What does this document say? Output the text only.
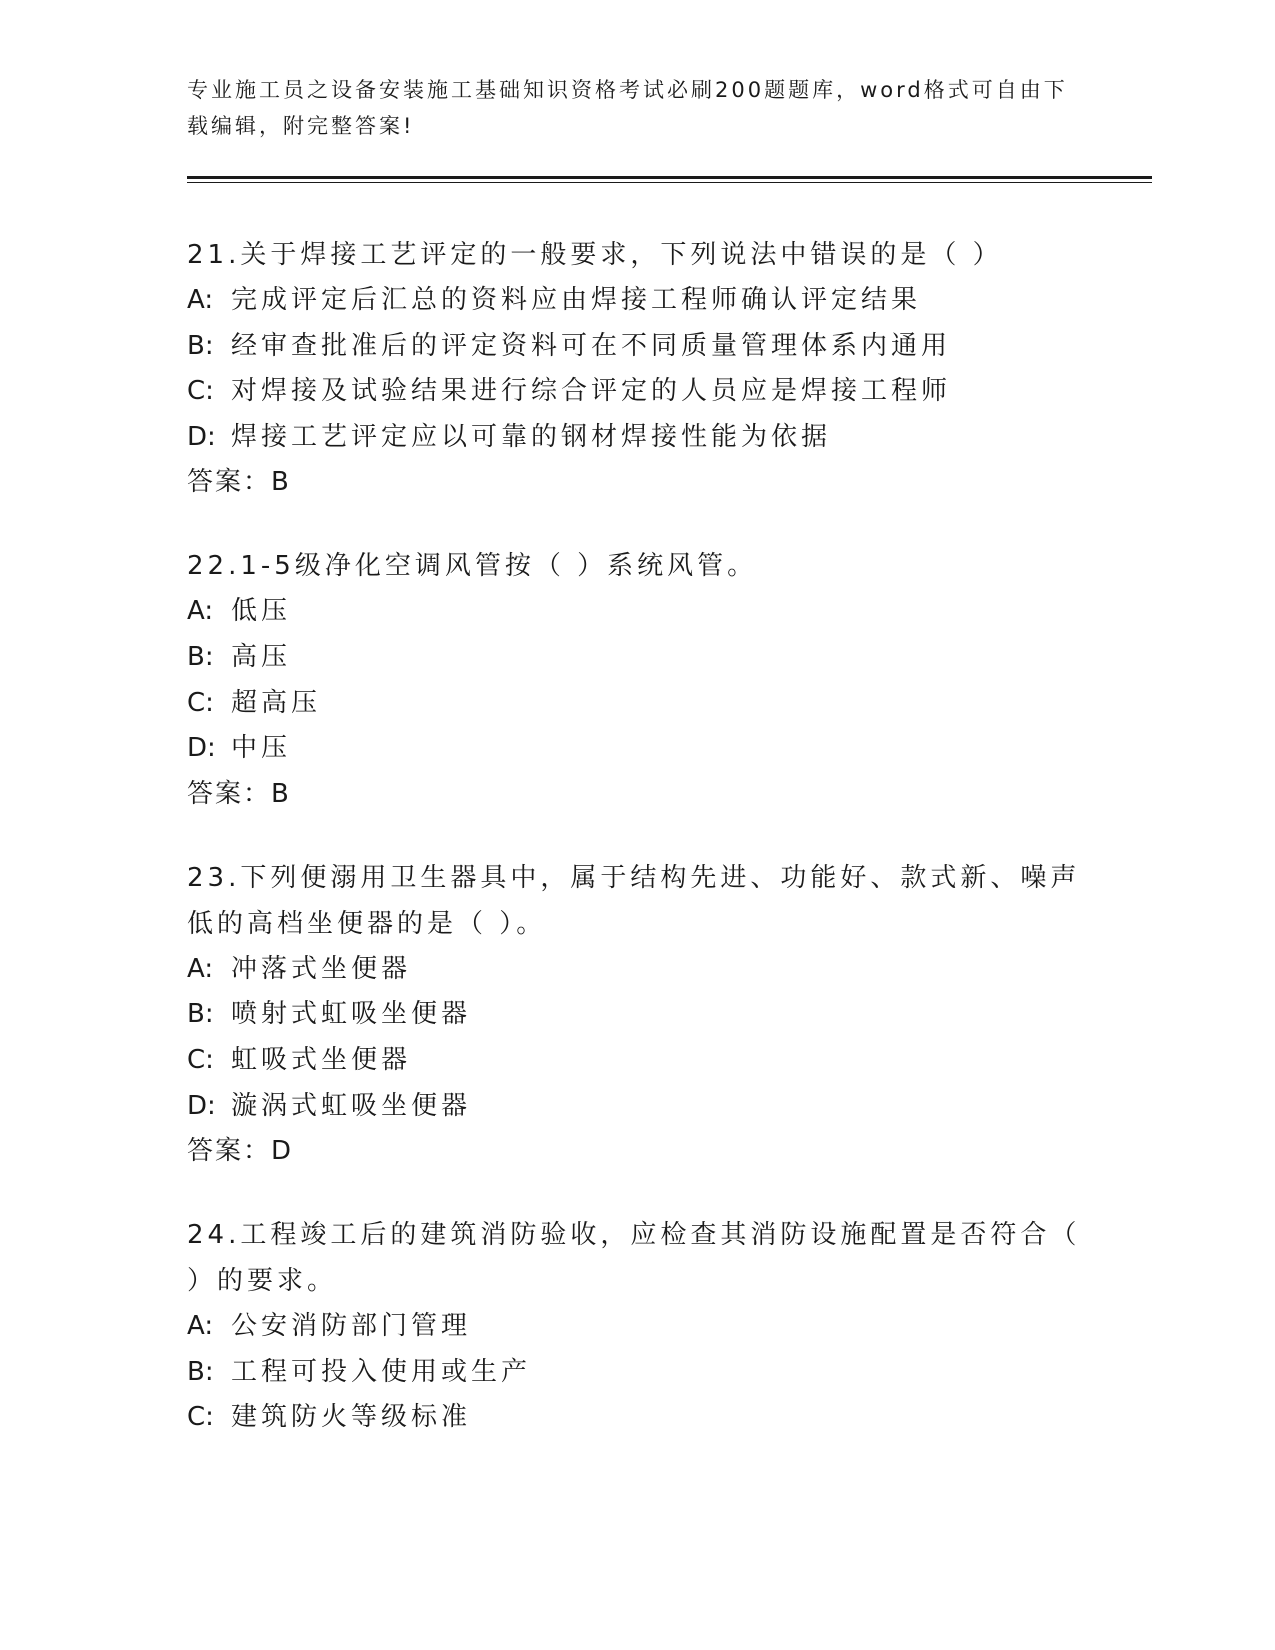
专业施工员之设备安装施工基础知识资格考试必刷200题题库，word格式可自由下载编辑，附完整答案!
21.关于焊接工艺评定的一般要求，下列说法中错误的是（ ）
A: 完成评定后汇总的资料应由焊接工程师确认评定结果
B: 经审查批准后的评定资料可在不同质量管理体系内通用
C: 对焊接及试验结果进行综合评定的人员应是焊接工程师
D: 焊接工艺评定应以可靠的钢材焊接性能为依据
答案：B
22.1-5级净化空调风管按（ ）系统风管。
A: 低压
B: 高压
C: 超高压
D: 中压
答案：B
23.下列便溺用卫生器具中，属于结构先进、功能好、款式新、噪声低的高档坐便器的是（ ）。
A: 冲落式坐便器
B: 喷射式虹吸坐便器
C: 虹吸式坐便器
D: 漩涡式虹吸坐便器
答案：D
24.工程竣工后的建筑消防验收，应检查其消防设施配置是否符合（ ）的要求。
A: 公安消防部门管理
B: 工程可投入使用或生产
C: 建筑防火等级标准
